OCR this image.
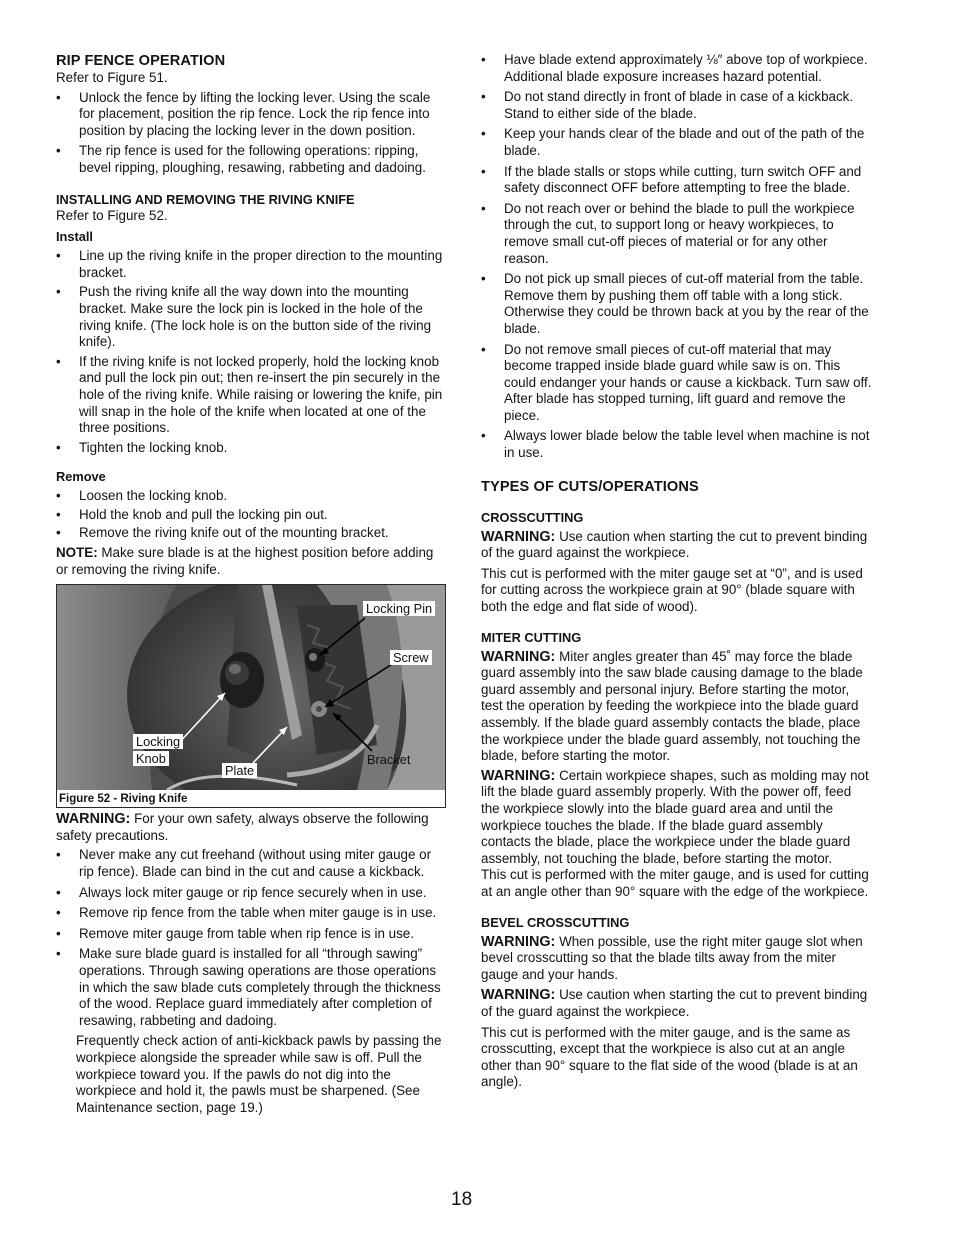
RIP FENCE OPERATION

Refer to Figure 51.

• Unlock the fence by lifting the locking lever. Using the scale for placement, position the rip fence. Lock the rip fence into position by placing the locking lever in the down position.
• The rip fence is used for the following operations: ripping, bevel ripping, ploughing, resawing, rabbeting and dadoing.
INSTALLING AND REMOVING THE RIVING KNIFE

Refer to Figure 52.

Install
• Line up the riving knife in the proper direction to the mounting bracket.
• Push the riving knife all the way down into the mounting bracket. Make sure the lock pin is locked in the hole of the riving knife. (The lock hole is on the button side of the riving knife).
• If the riving knife is not locked properly, hold the locking knob and pull the lock pin out; then re-insert the pin securely in the hole of the riving knife. While raising or lowering the knife, pin will snap in the hole of the knife when located at one of the three positions.
• Tighten the locking knob.
Remove
• Loosen the locking knob.
• Hold the knob and pull the locking pin out.
• Remove the riving knife out of the mounting bracket.

NOTE: Make sure blade is at the highest position before adding or removing the riving knife.

Locking Pin
Screw
Locking
Knob
Plate
Bracket
Figure 52 - Riving Knife

WARNING: For your own safety, always observe the following safety precautions.

• Never make any cut freehand (without using miter gauge or rip fence). Blade can bind in the cut and cause a kickback.
• Always lock miter gauge or rip fence securely when in use.
• Remove rip fence from the table when miter gauge is in use.
• Remove miter gauge from table when rip fence is in use.
• Make sure blade guard is installed for all “through sawing” operations. Through sawing operations are those operations in which the saw blade cuts completely through the thickness of the wood. Replace guard immediately after completion of resawing, rabbeting and dadoing.

Frequently check action of anti-kickback pawls by passing the workpiece alongside the spreader while saw is off. Pull the workpiece toward you. If the pawls do not dig into the workpiece and hold it, the pawls must be sharpened. (See Maintenance section, page 19.)

• Have blade extend approximately ⅛″ above top of workpiece. Additional blade exposure increases hazard potential.
• Do not stand directly in front of blade in case of a kickback. Stand to either side of the blade.
• Keep your hands clear of the blade and out of the path of the blade.
• If the blade stalls or stops while cutting, turn switch OFF and safety disconnect OFF before attempting to free the blade.
• Do not reach over or behind the blade to pull the workpiece through the cut, to support long or heavy workpieces, to remove small cut-off pieces of material or for any other reason.
• Do not pick up small pieces of cut-off material from the table. Remove them by pushing them off table with a long stick. Otherwise they could be thrown back at you by the rear of the blade.
• Do not remove small pieces of cut-off material that may become trapped inside blade guard while saw is on. This could endanger your hands or cause a kickback. Turn saw off. After blade has stopped turning, lift guard and remove the piece.
• Always lower blade below the table level when machine is not in use.
TYPES OF CUTS/OPERATIONS
CROSSCUTTING

WARNING: Use caution when starting the cut to prevent binding of the guard against the workpiece.

This cut is performed with the miter gauge set at “0”, and is used for cutting across the workpiece grain at 90° (blade square with both the edge and flat side of wood).

MITER CUTTING

WARNING: Miter angles greater than 45˚ may force the blade guard assembly into the saw blade causing damage to the blade guard assembly and personal injury. Before starting the motor, test the operation by feeding the workpiece into the blade guard assembly. If the blade guard assembly contacts the blade, place the workpiece under the blade guard assembly, not touching the blade, before starting the motor.

WARNING: Certain workpiece shapes, such as molding may not lift the blade guard assembly properly. With the power off, feed the workpiece slowly into the blade guard area and until the workpiece touches the blade. If the blade guard assembly contacts the blade, place the workpiece under the blade guard assembly, not touching the blade, before starting the motor.

This cut is performed with the miter gauge, and is used for cutting at an angle other than 90° square with the edge of the workpiece.

BEVEL CROSSCUTTING

WARNING: When possible, use the right miter gauge slot when bevel crosscutting so that the blade tilts away from the miter gauge and your hands.

WARNING: Use caution when starting the cut to prevent binding of the guard against the workpiece.

This cut is performed with the miter gauge, and is the same as crosscutting, except that the workpiece is also cut at an angle other than 90° square to the flat side of the wood (blade is at an angle).

18
